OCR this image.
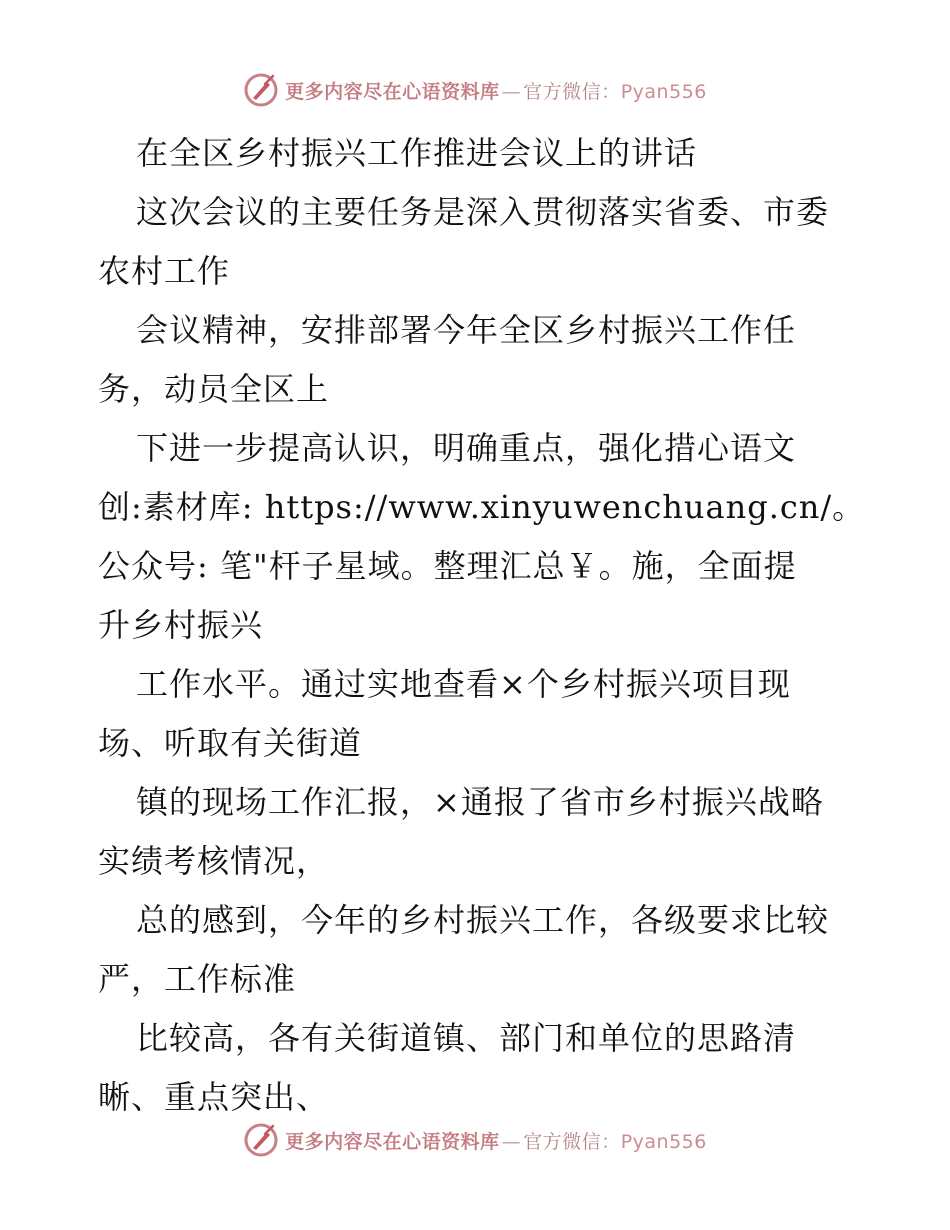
更多内容尽在心语资料库 — 官方微信：Pyan556
在全区乡村振兴工作推进会议上的讲话
这次会议的主要任务是深入贯彻落实省委、市委
农村工作
会议精神，安排部署今年全区乡村振兴工作任
务，动员全区上
下进一步提高认识，明确重点，强化措心语文
创:素材库: https://www.xinyuwenchuang.cn/。
公众号: 笔"杆子星域。整理汇总￥。施，全面提
升乡村振兴
工作水平。通过实地查看×个乡村振兴项目现
场、听取有关街道
镇的现场工作汇报，×通报了省市乡村振兴战略
实绩考核情况，
总的感到，今年的乡村振兴工作，各级要求比较
严，工作标准
比较高，各有关街道镇、部门和单位的思路清
晰、重点突出、
更多内容尽在心语资料库 — 官方微信：Pyan556
